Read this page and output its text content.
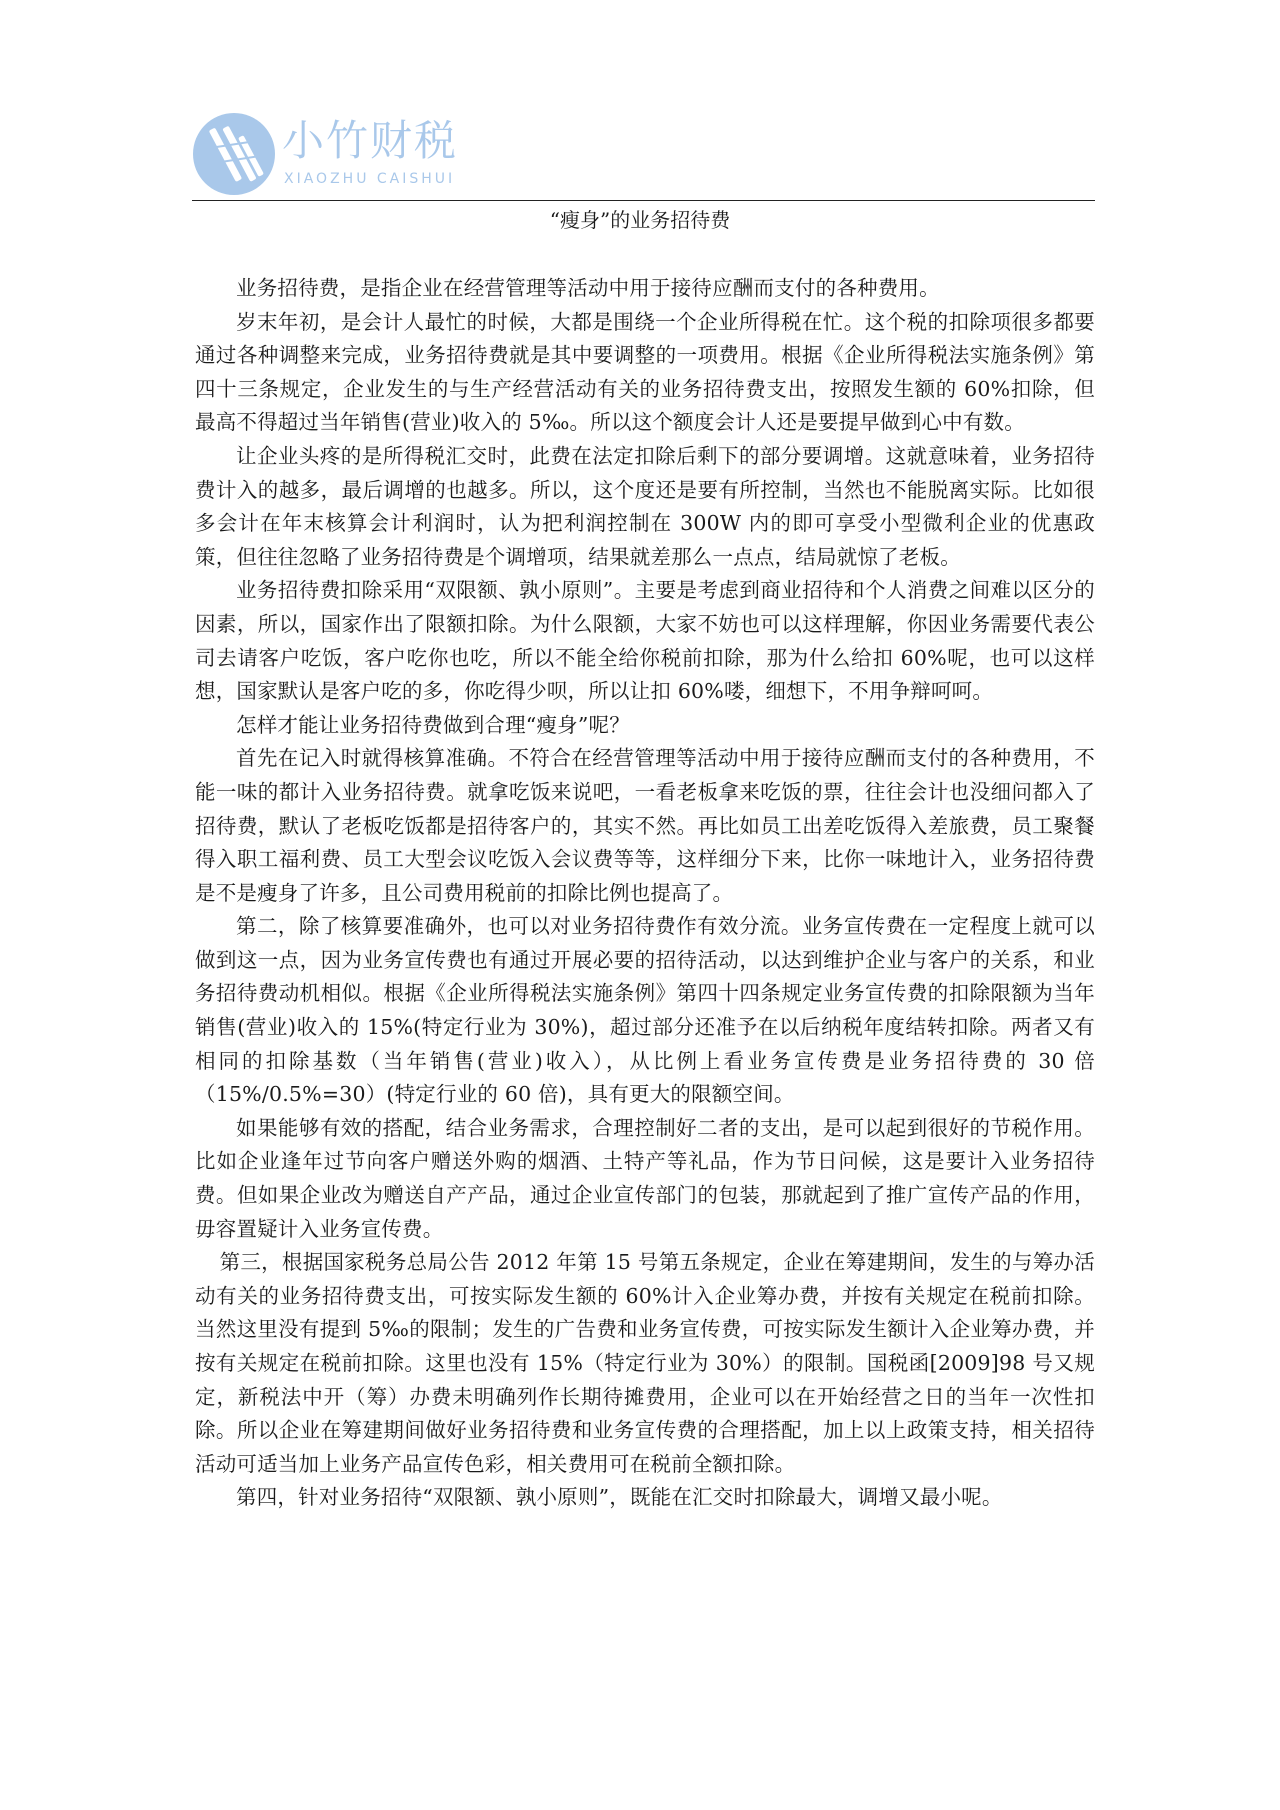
小竹财税
XIAOZHU CAISHUI
“瘦身”的业务招待费

业务招待费，是指企业在经营管理等活动中用于接待应酬而支付的各种费用。

岁末年初，是会计人最忙的时候，大都是围绕一个企业所得税在忙。这个税的扣除项很多都要通过各种调整来完成，业务招待费就是其中要调整的一项费用。根据《企业所得税法实施条例》第四十三条规定，企业发生的与生产经营活动有关的业务招待费支出，按照发生额的 60%扣除，但最高不得超过当年销售(营业)收入的 5‰。所以这个额度会计人还是要提早做到心中有数。

让企业头疼的是所得税汇交时，此费在法定扣除后剩下的部分要调增。这就意味着，业务招待费计入的越多，最后调增的也越多。所以，这个度还是要有所控制，当然也不能脱离实际。比如很多会计在年末核算会计利润时，认为把利润控制在 300W 内的即可享受小型微利企业的优惠政策，但往往忽略了业务招待费是个调增项，结果就差那么一点点，结局就惊了老板。

业务招待费扣除采用“双限额、孰小原则”。主要是考虑到商业招待和个人消费之间难以区分的因素，所以，国家作出了限额扣除。为什么限额，大家不妨也可以这样理解，你因业务需要代表公司去请客户吃饭，客户吃你也吃，所以不能全给你税前扣除，那为什么给扣 60%呢，也可以这样想，国家默认是客户吃的多，你吃得少呗，所以让扣 60%喽，细想下，不用争辩呵呵。

怎样才能让业务招待费做到合理“瘦身”呢？

首先在记入时就得核算准确。不符合在经营管理等活动中用于接待应酬而支付的各种费用，不能一味的都计入业务招待费。就拿吃饭来说吧，一看老板拿来吃饭的票，往往会计也没细问都入了招待费，默认了老板吃饭都是招待客户的，其实不然。再比如员工出差吃饭得入差旅费，员工聚餐得入职工福利费、员工大型会议吃饭入会议费等等，这样细分下来，比你一味地计入，业务招待费是不是瘦身了许多，且公司费用税前的扣除比例也提高了。

第二，除了核算要准确外，也可以对业务招待费作有效分流。业务宣传费在一定程度上就可以做到这一点，因为业务宣传费也有通过开展必要的招待活动，以达到维护企业与客户的关系，和业务招待费动机相似。根据《企业所得税法实施条例》第四十四条规定业务宣传费的扣除限额为当年销售(营业)收入的 15%(特定行业为 30%)，超过部分还准予在以后纳税年度结转扣除。两者又有相同的扣除基数（当年销售(营业)收入），从比例上看业务宣传费是业务招待费的 30 倍（15%/0.5%=30）(特定行业的 60 倍)，具有更大的限额空间。

如果能够有效的搭配，结合业务需求，合理控制好二者的支出，是可以起到很好的节税作用。比如企业逢年过节向客户赠送外购的烟酒、土特产等礼品，作为节日问候，这是要计入业务招待费。但如果企业改为赠送自产产品，通过企业宣传部门的包装，那就起到了推广宣传产品的作用，毋容置疑计入业务宣传费。

第三，根据国家税务总局公告 2012 年第 15 号第五条规定，企业在筹建期间，发生的与筹办活动有关的业务招待费支出，可按实际发生额的 60%计入企业筹办费，并按有关规定在税前扣除。当然这里没有提到 5‰的限制；发生的广告费和业务宣传费，可按实际发生额计入企业筹办费，并按有关规定在税前扣除。这里也没有 15%（特定行业为 30%）的限制。国税函[2009]98 号又规定，新税法中开（筹）办费未明确列作长期待摊费用，企业可以在开始经营之日的当年一次性扣除。所以企业在筹建期间做好业务招待费和业务宣传费的合理搭配，加上以上政策支持，相关招待活动可适当加上业务产品宣传色彩，相关费用可在税前全额扣除。

第四，针对业务招待“双限额、孰小原则”，既能在汇交时扣除最大，调增又最小呢。
